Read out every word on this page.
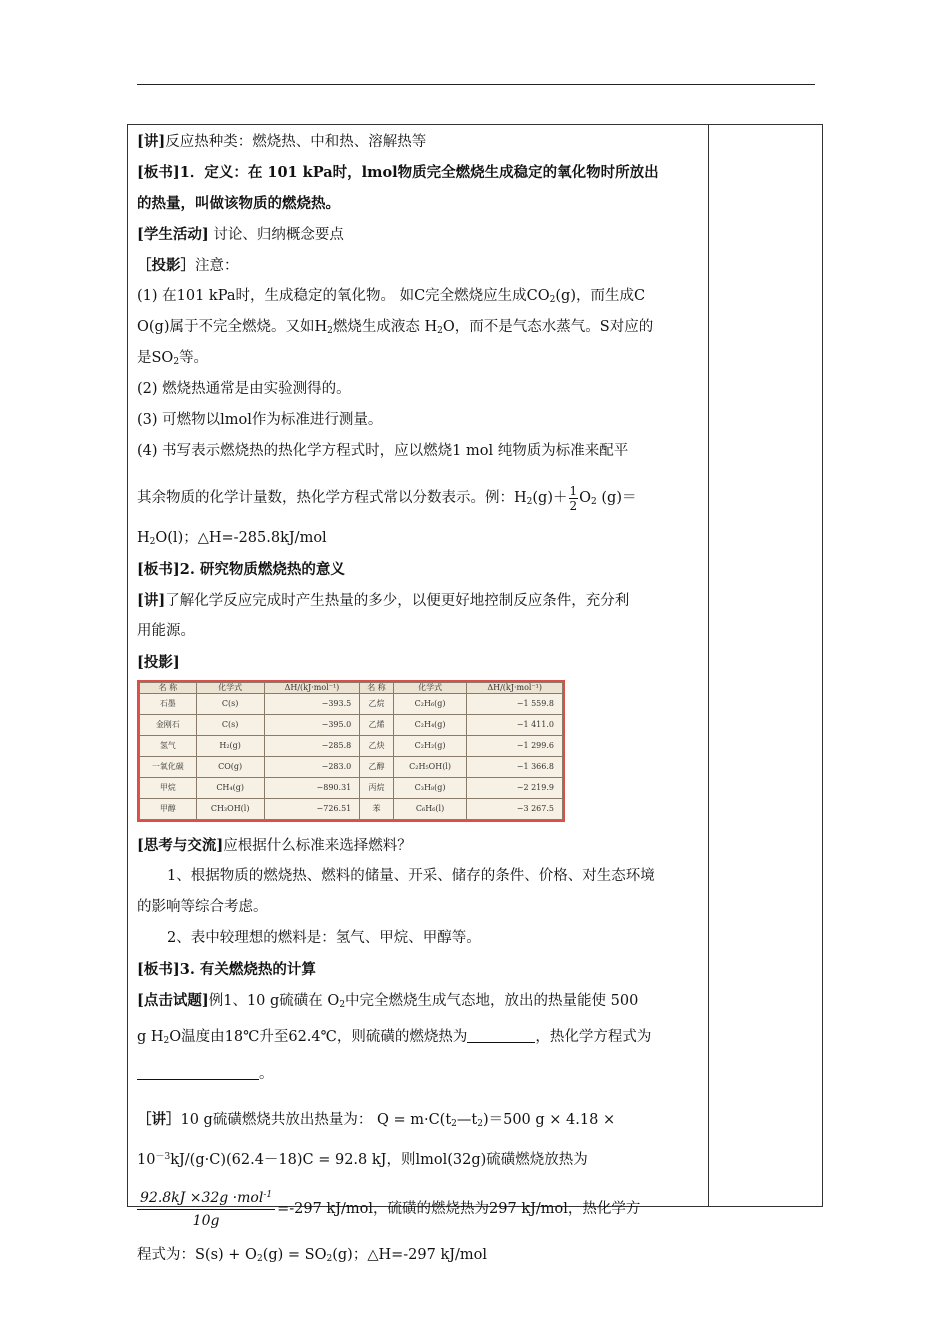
[讲]反应热种类：燃烧热、中和热、溶解热等
[板书]1．定义：在 101 kPa时，lmol物质完全燃烧生成稳定的氧化物时所放出
的热量，叫做该物质的燃烧热。
[学生活动] 讨论、归纳概念要点
［投影］注意：
(1) 在101 kPa时，生成稳定的氧化物。 如C完全燃烧应生成$CO_2(g)$，而生成C
O(g)属于不完全燃烧。又如$H_2$燃烧生成液态 $H_2O$，而不是气态水蒸气。S对应的
是$SO_2$等。
(2) 燃烧热通常是由实验测得的。
(3) 可燃物以lmol作为标准进行测量。
(4) 书写表示燃烧热的热化学方程式时，应以燃烧1 mol 纯物质为标准来配平
其余物质的化学计量数，热化学方程式常以分数表示。例：$H_2(g)+ \frac{1}{2} O_2$ (g)＝
$H_2O(l)$；△H=-285.8kJ/mol
[板书]2. 研究物质燃烧热的意义
[讲]了解化学反应完成时产生热量的多少，以便更好地控制反应条件，充分利
用能源。
[投影]
名 称	化学式	ΔH/(kJ·mol⁻¹)	名 称	化学式	ΔH/(kJ·mol⁻¹)
石墨	C(s)	−393.5	乙烷	C₂H₆(g)	−1 559.8
金刚石	C(s)	−395.0	乙烯	C₂H₄(g)	−1 411.0
氢气	H₂(g)	−285.8	乙炔	C₂H₂(g)	−1 299.6
一氧化碳	CO(g)	−283.0	乙醇	C₂H₅OH(l)	−1 366.8
甲烷	CH₄(g)	−890.31	丙烷	C₃H₈(g)	−2 219.9
甲醇	CH₃OH(l)	−726.51	苯	C₆H₆(l)	−3 267.5
[思考与交流]应根据什么标准来选择燃料？
1、根据物质的燃烧热、燃料的储量、开采、储存的条件、价格、对生态环境
的影响等综合考虑。
2、表中较理想的燃料是：氢气、甲烷、甲醇等。
[板书]3. 有关燃烧热的计算
[点击试题]例1、10 g硫磺在 $O_2$中完全燃烧生成气态地，放出的热量能使 500
g $H_2O$温度由18℃升至62.4℃，则硫磺的燃烧热为	，热化学方程式为
。
［讲］10 g硫磺燃烧共放出热量为： $Q = m\cdot C(t_2—t_2)=500$ g × 4.18 ×
$10^{-3}kJ/(g\cdot C)(62.4-18)C = 92.8$ kJ，则lmol(32g)硫磺燃烧放热为
$\frac{92.8kJ \times 32g \cdot mol^{-1}}{10g} =-297$ kJ/mol，硫磺的燃烧热为297 kJ/mol，热化学方
程式为：$S(s) + O_2(g) = SO_2(g)$；△H=-297 kJ/mol
